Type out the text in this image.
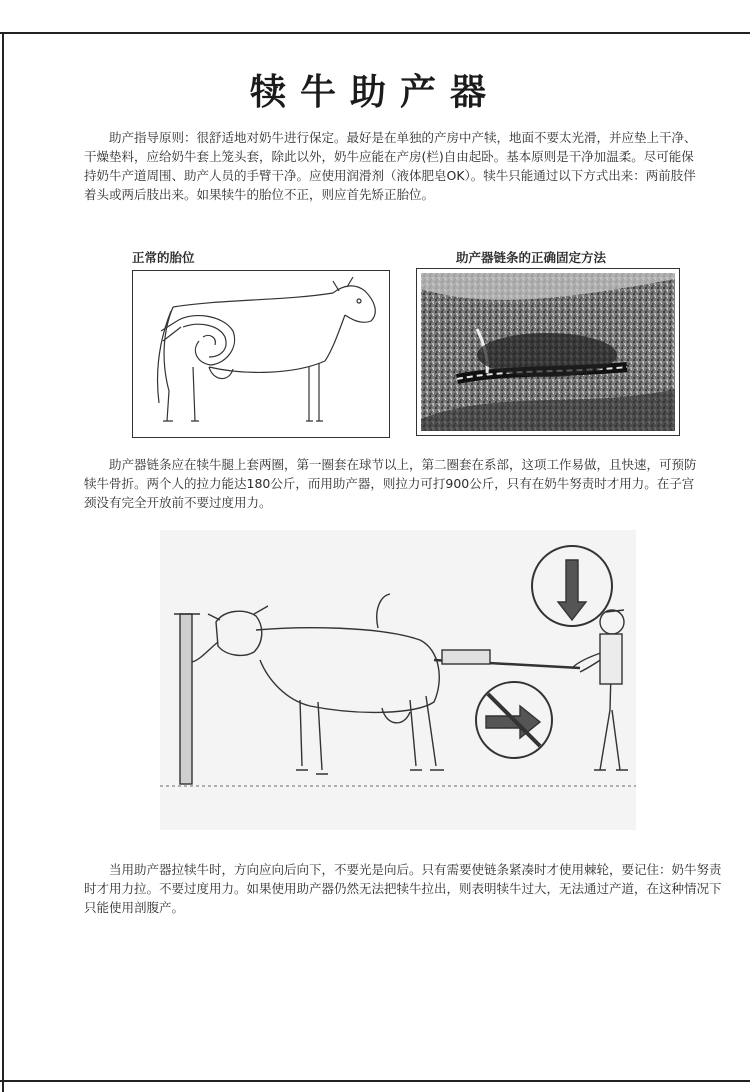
犊牛助产器
助产指导原则：很舒适地对奶牛进行保定。最好是在单独的产房中产犊，地面不要太光滑，并应垫上干净、干燥垫料，应给奶牛套上笼头套，除此以外，奶牛应能在产房(栏)自由起卧。基本原则是干净加温柔。尽可能保持奶牛产道周围、助产人员的手臂干净。应使用润滑剂（液体肥皂OK）。犊牛只能通过以下方式出来：两前肢伴着头或两后肢出来。如果犊牛的胎位不正，则应首先矫正胎位。
正常的胎位	助产器链条的正确固定方法
助产器链条应在犊牛腿上套两圈，第一圈套在球节以上，第二圈套在系部，这项工作易做，且快速，可预防犊牛骨折。两个人的拉力能达180公斤，而用助产器，则拉力可打900公斤，只有在奶牛努责时才用力。在子宫颈没有完全开放前不要过度用力。
当用助产器拉犊牛时，方向应向后向下，不要光是向后。只有需要使链条紧凑时才使用棘轮，要记住：奶牛努责时才用力拉。不要过度用力。如果使用助产器仍然无法把犊牛拉出，则表明犊牛过大，无法通过产道，在这种情况下只能使用剖腹产。
